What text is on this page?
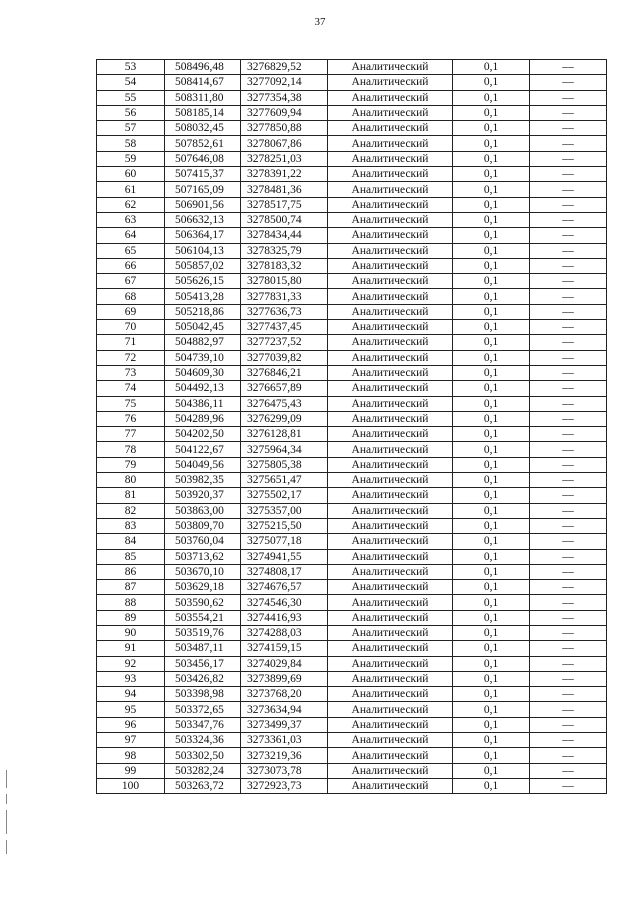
37
53	508496,48	3276829,52	Аналитический	0,1	—
54	508414,67	3277092,14	Аналитический	0,1	—
55	508311,80	3277354,38	Аналитический	0,1	—
56	508185,14	3277609,94	Аналитический	0,1	—
57	508032,45	3277850,88	Аналитический	0,1	—
58	507852,61	3278067,86	Аналитический	0,1	—
59	507646,08	3278251,03	Аналитический	0,1	—
60	507415,37	3278391,22	Аналитический	0,1	—
61	507165,09	3278481,36	Аналитический	0,1	—
62	506901,56	3278517,75	Аналитический	0,1	—
63	506632,13	3278500,74	Аналитический	0,1	—
64	506364,17	3278434,44	Аналитический	0,1	—
65	506104,13	3278325,79	Аналитический	0,1	—
66	505857,02	3278183,32	Аналитический	0,1	—
67	505626,15	3278015,80	Аналитический	0,1	—
68	505413,28	3277831,33	Аналитический	0,1	—
69	505218,86	3277636,73	Аналитический	0,1	—
70	505042,45	3277437,45	Аналитический	0,1	—
71	504882,97	3277237,52	Аналитический	0,1	—
72	504739,10	3277039,82	Аналитический	0,1	—
73	504609,30	3276846,21	Аналитический	0,1	—
74	504492,13	3276657,89	Аналитический	0,1	—
75	504386,11	3276475,43	Аналитический	0,1	—
76	504289,96	3276299,09	Аналитический	0,1	—
77	504202,50	3276128,81	Аналитический	0,1	—
78	504122,67	3275964,34	Аналитический	0,1	—
79	504049,56	3275805,38	Аналитический	0,1	—
80	503982,35	3275651,47	Аналитический	0,1	—
81	503920,37	3275502,17	Аналитический	0,1	—
82	503863,00	3275357,00	Аналитический	0,1	—
83	503809,70	3275215,50	Аналитический	0,1	—
84	503760,04	3275077,18	Аналитический	0,1	—
85	503713,62	3274941,55	Аналитический	0,1	—
86	503670,10	3274808,17	Аналитический	0,1	—
87	503629,18	3274676,57	Аналитический	0,1	—
88	503590,62	3274546,30	Аналитический	0,1	—
89	503554,21	3274416,93	Аналитический	0,1	—
90	503519,76	3274288,03	Аналитический	0,1	—
91	503487,11	3274159,15	Аналитический	0,1	—
92	503456,17	3274029,84	Аналитический	0,1	—
93	503426,82	3273899,69	Аналитический	0,1	—
94	503398,98	3273768,20	Аналитический	0,1	—
95	503372,65	3273634,94	Аналитический	0,1	—
96	503347,76	3273499,37	Аналитический	0,1	—
97	503324,36	3273361,03	Аналитический	0,1	—
98	503302,50	3273219,36	Аналитический	0,1	—
99	503282,24	3273073,78	Аналитический	0,1	—
100	503263,72	3272923,73	Аналитический	0,1	—
